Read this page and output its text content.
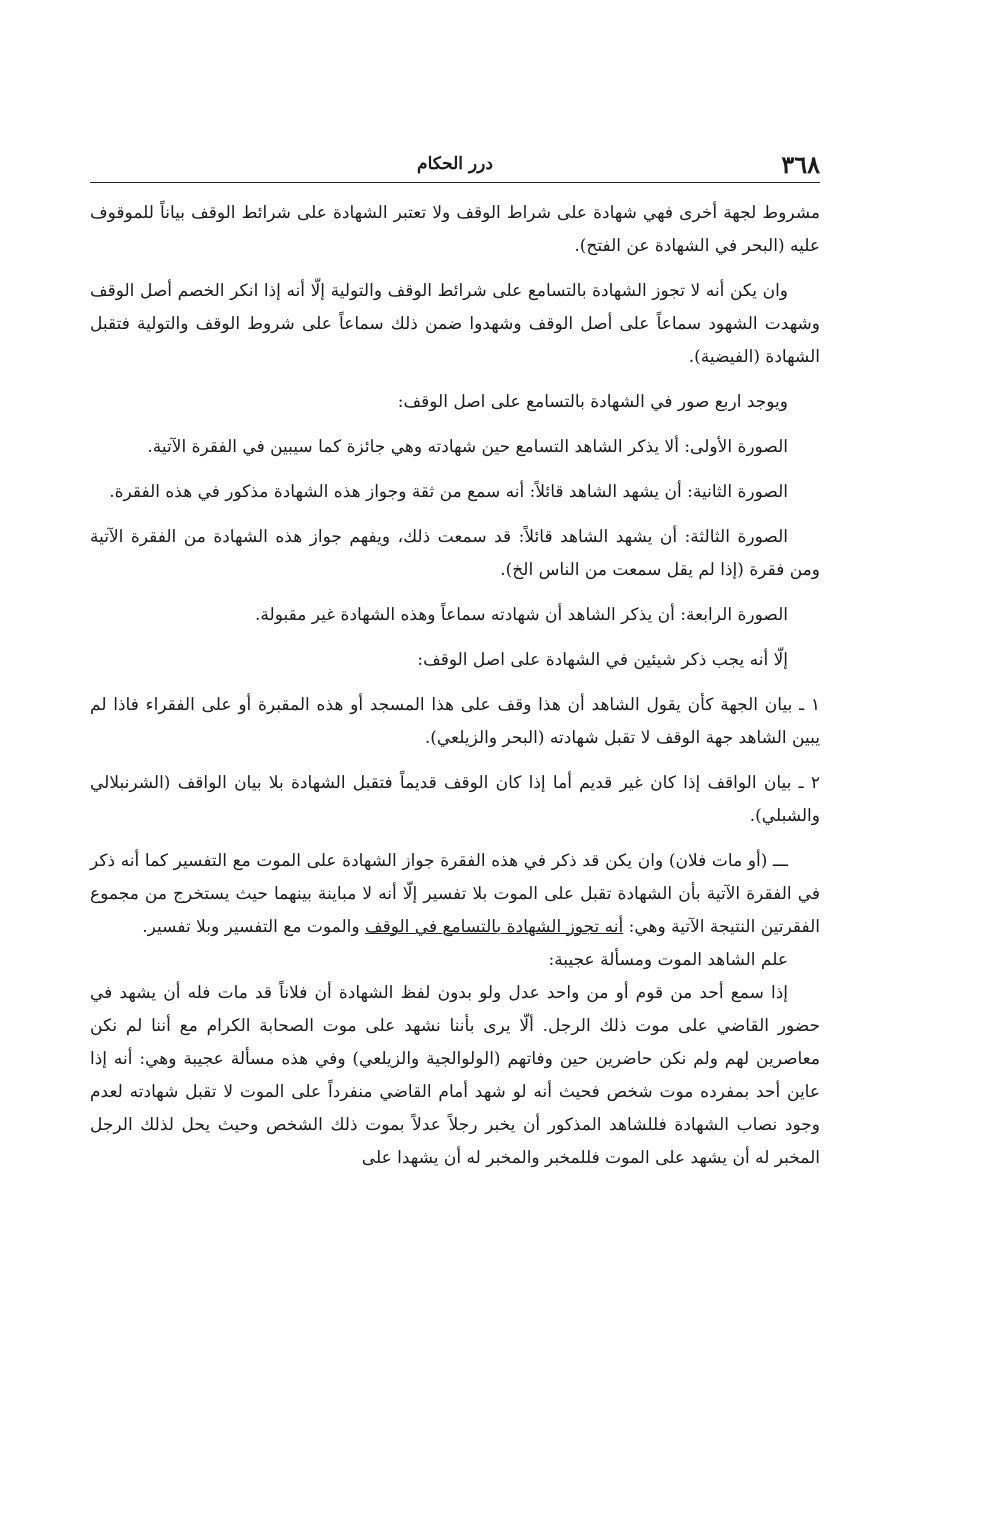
٣٦٨
درر الحكام

مشروط لجهة أخرى فهي شهادة على شراط الوقف ولا تعتبر الشهادة على شرائط الوقف بياناً للموقوف عليه (البحر في الشهادة عن الفتح).

وان يكن أنه لا تجوز الشهادة بالتسامع على شرائط الوقف والتولية إلّا أنه إذا انكر الخصم أصل الوقف وشهدت الشهود سماعاً على أصل الوقف وشهدوا ضمن ذلك سماعاً على شروط الوقف والتولية فتقبل الشهادة (الفيضية).

ويوجد اربع صور في الشهادة بالتسامع على اصل الوقف:

الصورة الأولى: ألا يذكر الشاهد التسامع حين شهادته وهي جائزة كما سيبين في الفقرة الآتية.

الصورة الثانية: أن يشهد الشاهد قائلاً: أنه سمع من ثقة وجواز هذه الشهادة مذكور في هذه الفقرة.

الصورة الثالثة: أن يشهد الشاهد قائلاً: قد سمعت ذلك، ويفهم جواز هذه الشهادة من الفقرة الآتية ومن فقرة (إذا لم يقل سمعت من الناس الخ).

الصورة الرابعة: أن يذكر الشاهد أن شهادته سماعاً وهذه الشهادة غير مقبولة.

إلّا أنه يجب ذكر شيئين في الشهادة على اصل الوقف:

١ ـ بيان الجهة كأن يقول الشاهد أن هذا وقف على هذا المسجد أو هذه المقبرة أو على الفقراء فاذا لم يبين الشاهد جهة الوقف لا تقبل شهادته (البحر والزيلعي).

٢ ـ بيان الواقف إذا كان غير قديم أما إذا كان الوقف قديماً فتقبل الشهادة بلا بيان الواقف (الشرنبلالي والشبلي).

ـــ (أو مات فلان) وان يكن قد ذكر في هذه الفقرة جواز الشهادة على الموت مع التفسير كما أنه ذكر في الفقرة الآتية بأن الشهادة تقبل على الموت بلا تفسير إلّا أنه لا مباينة بينهما حيث يستخرج من مجموع الفقرتين النتيجة الآتية وهي: أنه تجوز الشهادة بالتسامع في الوقف والموت مع التفسير وبلا تفسير.

علم الشاهد الموت ومسألة عجيبة:

إذا سمع أحد من قوم أو من واحد عدل ولو بدون لفظ الشهادة أن فلاناً قد مات فله أن يشهد في حضور القاضي على موت ذلك الرجل. ألّا يرى بأننا نشهد على موت الصحابة الكرام مع أننا لم نكن معاصرين لهم ولم نكن حاضرين حين وفاتهم (الولوالجية والزيلعي) وفي هذه مسألة عجيبة وهي: أنه إذا عاين أحد بمفرده موت شخص فحيث أنه لو شهد أمام القاضي منفرداً على الموت لا تقبل شهادته لعدم وجود نصاب الشهادة فللشاهد المذكور أن يخبر رجلاً عدلاً بموت ذلك الشخص وحيث يحل لذلك الرجل المخبر له أن يشهد على الموت فللمخبر والمخبر له أن يشهدا على
